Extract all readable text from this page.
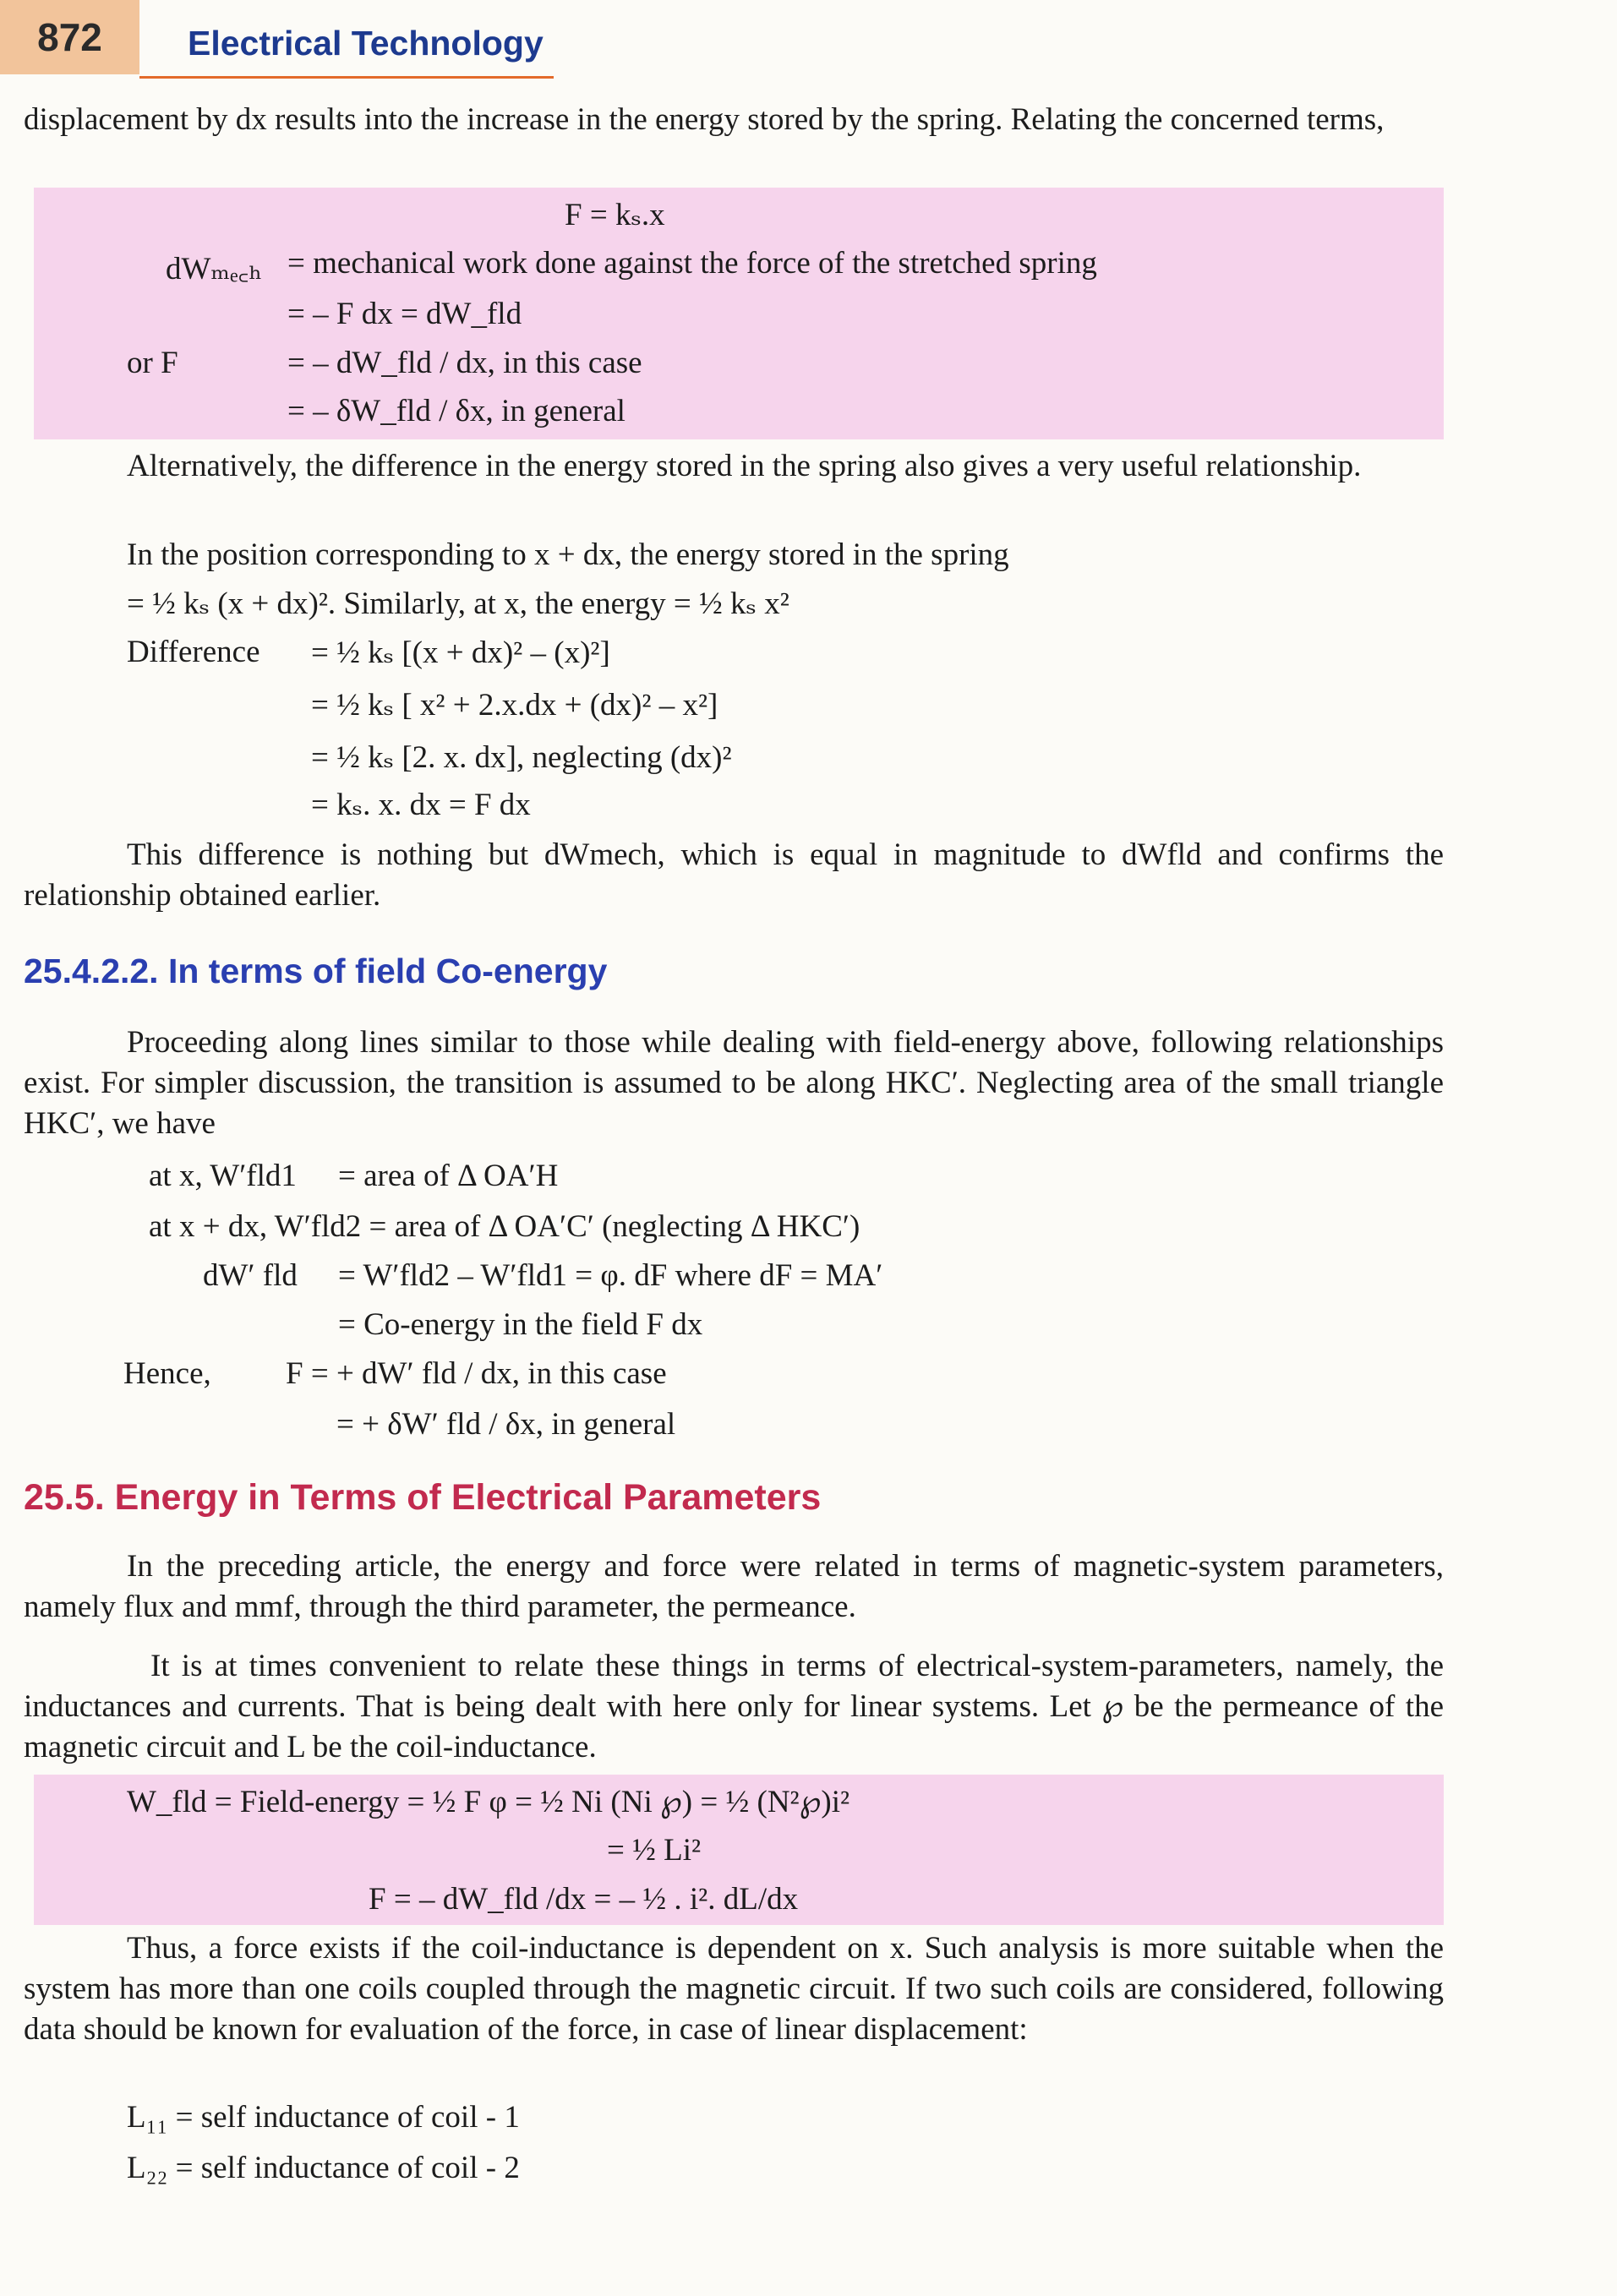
872	Electrical Technology
displacement by dx results into the increase in the energy stored by the spring. Relating the concerned terms,
F = kₛ.x
dWₘₑ꜀ₕ = mechanical work done against the force of the stretched spring
= – F dx = dW_fld
or F	= – dW_fld / dx, in this case
= – δW_fld / δx, in general
Alternatively, the difference in the energy stored in the spring also gives a very useful relationship.
In the position corresponding to x + dx, the energy stored in the spring
= ½ kₛ (x + dx)². Similarly, at x, the energy = ½ kₛ x²
Difference = ½ kₛ [(x + dx)² – (x)²]
= ½ kₛ [ x² + 2.x.dx + (dx)² – x²]
= ½ kₛ [2. x. dx], neglecting (dx)²
= kₛ. x. dx = F dx
This difference is nothing but dWmech, which is equal in magnitude to dWfld and confirms the relationship obtained earlier.
25.4.2.2. In terms of field Co-energy
Proceeding along lines similar to those while dealing with field-energy above, following relationships exist. For simpler discussion, the transition is assumed to be along HKC′. Neglecting area of the small triangle HKC′, we have
at x, W′fld1 = area of Δ OA′H
at x + dx, W′fld2 = area of Δ OA′C′ (neglecting Δ HKC′)
dW′ fld = W′fld2 – W′fld1 = φ. dF where dF = MA′
= Co-energy in the field F dx
Hence, F = + dW′ fld / dx, in this case
= + δW′ fld / δx, in general
25.5. Energy in Terms of Electrical Parameters
In the preceding article, the energy and force were related in terms of magnetic-system parameters, namely flux and mmf, through the third parameter, the permeance.
It is at times convenient to relate these things in terms of electrical-system-parameters, namely, the inductances and currents. That is being dealt with here only for linear systems. Let ℘ be the permeance of the magnetic circuit and L be the coil-inductance.
W_fld = Field-energy = ½ F φ = ½ Ni (Ni ℘) = ½ (N²℘)i²
= ½ Li²
F = – dW_fld /dx = – ½ . i². dL/dx
Thus, a force exists if the coil-inductance is dependent on x. Such analysis is more suitable when the system has more than one coils coupled through the magnetic circuit. If two such coils are considered, following data should be known for evaluation of the force, in case of linear displacement:
L₁₁ = self inductance of coil - 1
L₂₂ = self inductance of coil - 2
